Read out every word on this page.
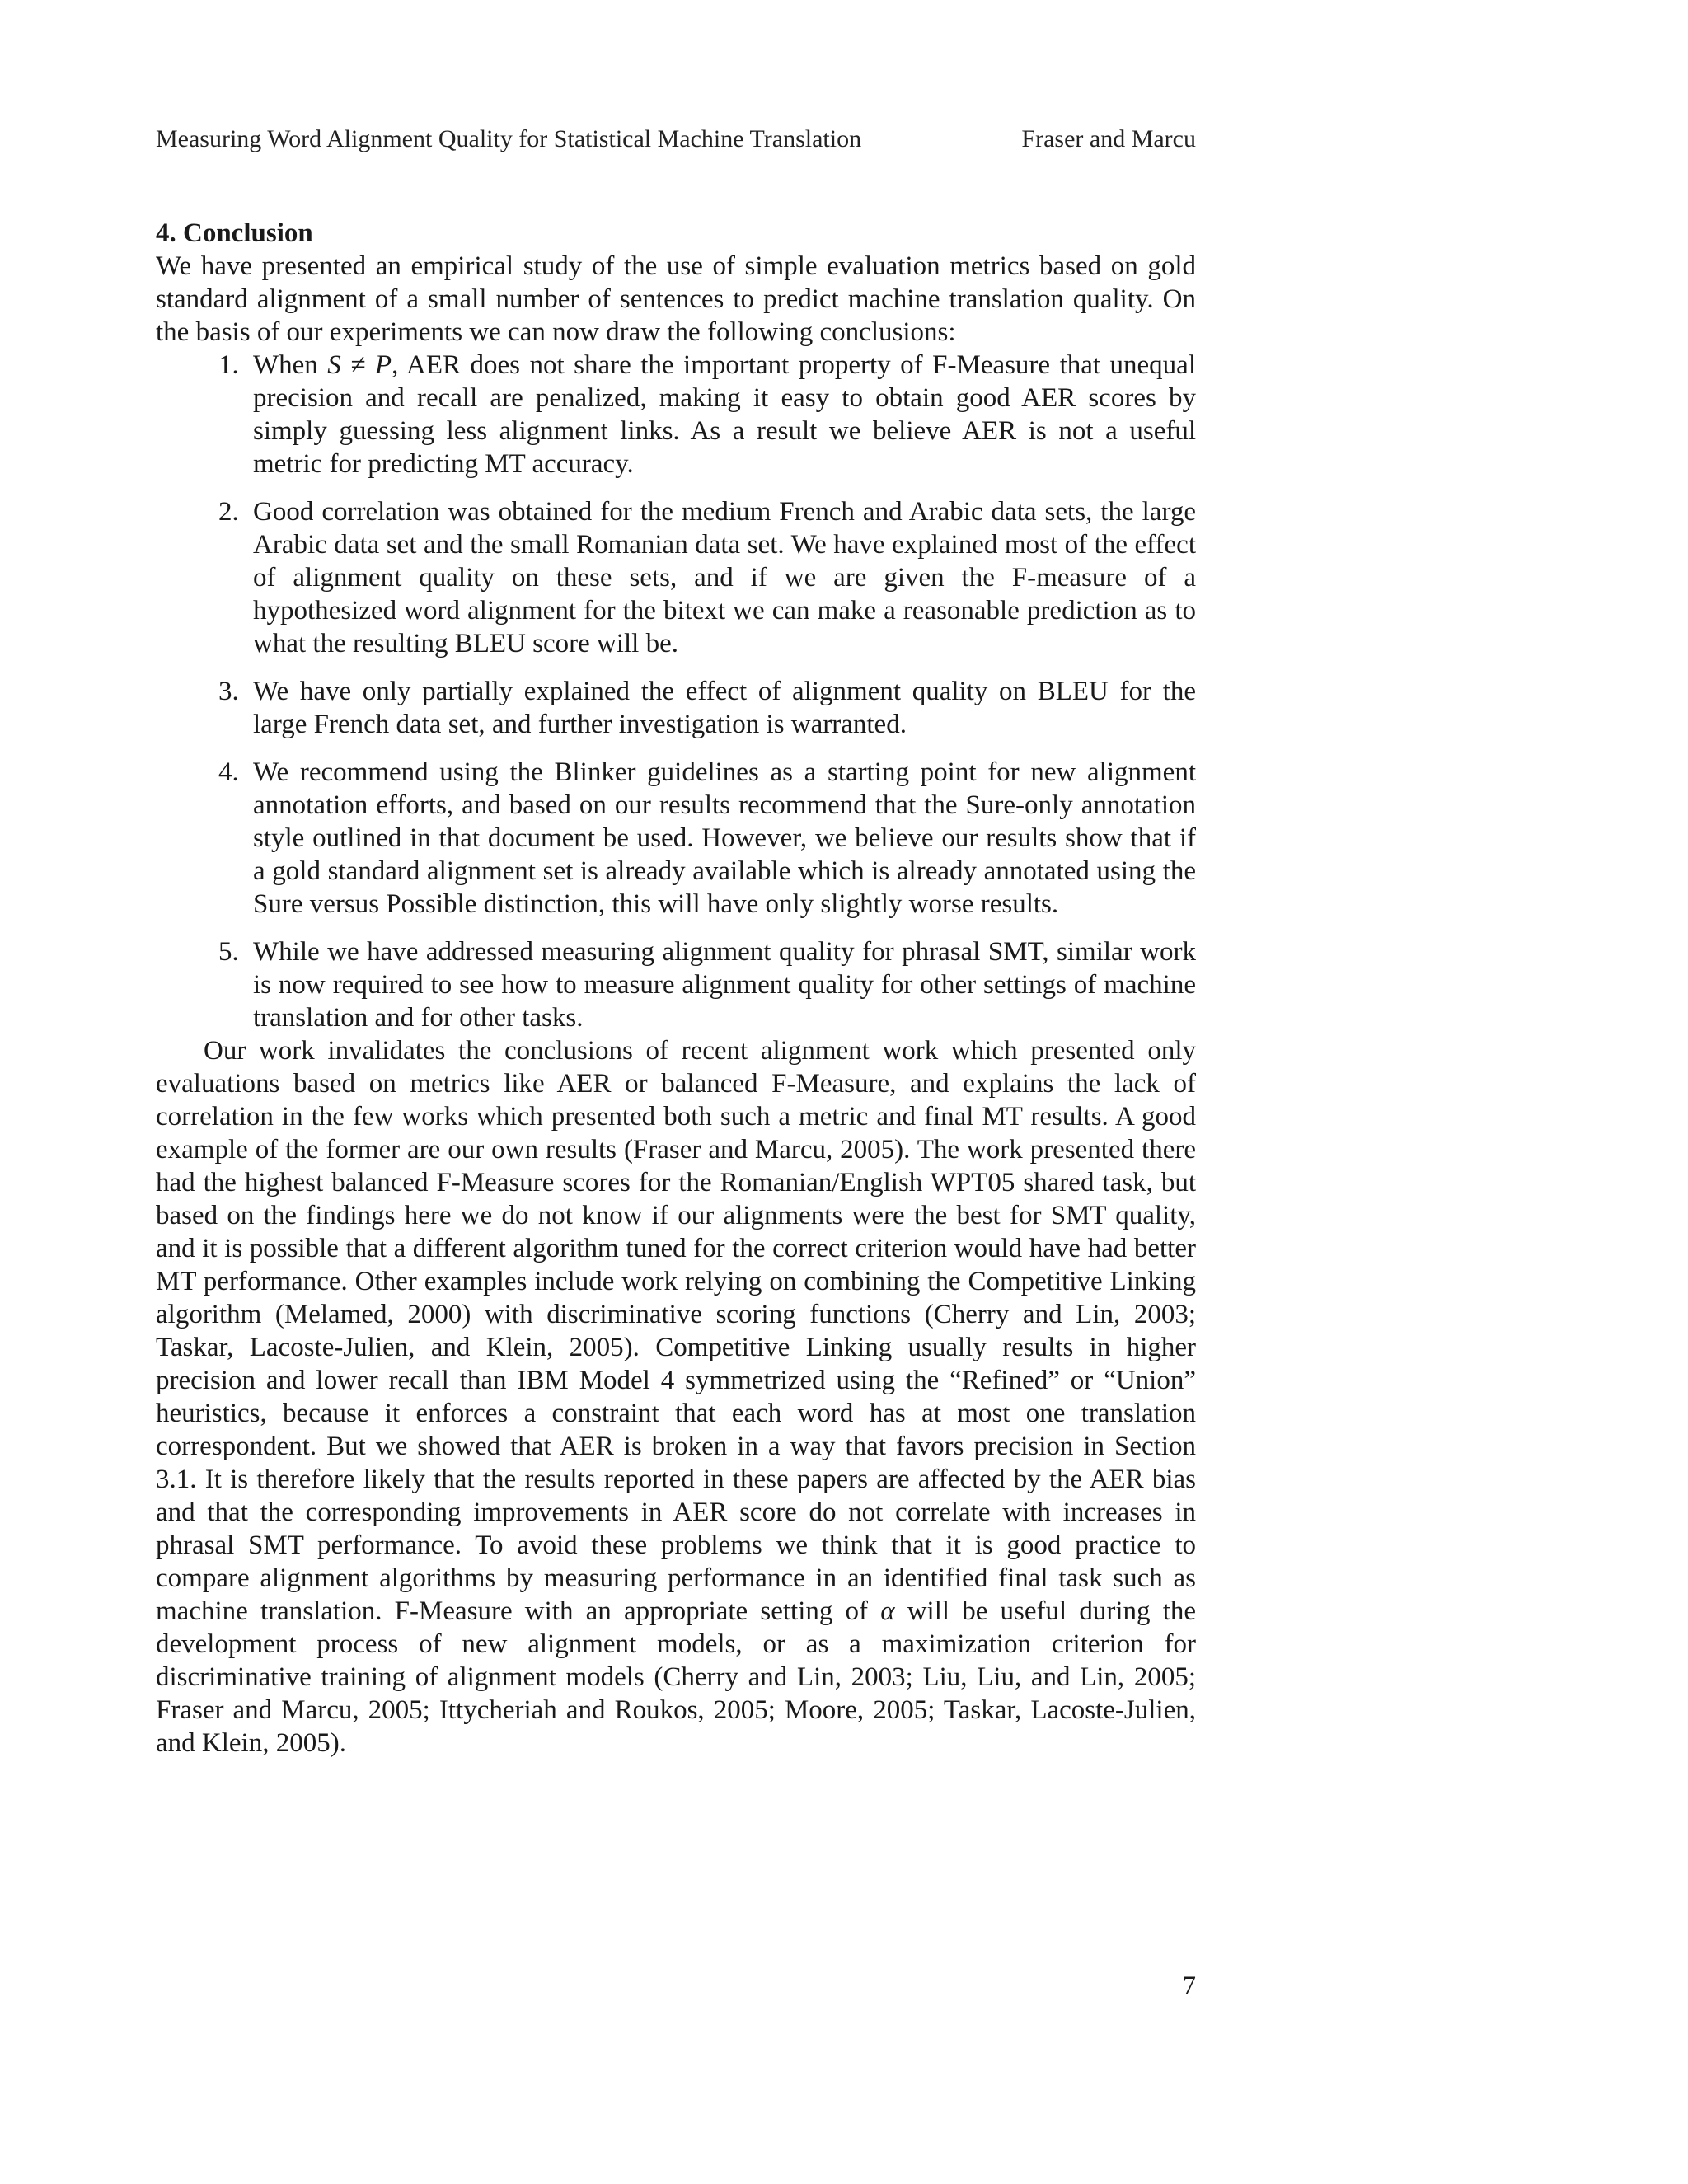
Measuring Word Alignment Quality for Statistical Machine Translation	Fraser and Marcu
4. Conclusion

We have presented an empirical study of the use of simple evaluation metrics based on gold standard alignment of a small number of sentences to predict machine translation quality. On the basis of our experiments we can now draw the following conclusions:

1. When S ≠ P, AER does not share the important property of F-Measure that unequal precision and recall are penalized, making it easy to obtain good AER scores by simply guessing less alignment links. As a result we believe AER is not a useful metric for predicting MT accuracy.

2. Good correlation was obtained for the medium French and Arabic data sets, the large Arabic data set and the small Romanian data set. We have explained most of the effect of alignment quality on these sets, and if we are given the F-measure of a hypothesized word alignment for the bitext we can make a reasonable prediction as to what the resulting BLEU score will be.

3. We have only partially explained the effect of alignment quality on BLEU for the large French data set, and further investigation is warranted.

4. We recommend using the Blinker guidelines as a starting point for new alignment annotation efforts, and based on our results recommend that the Sure-only annotation style outlined in that document be used. However, we believe our results show that if a gold standard alignment set is already available which is already annotated using the Sure versus Possible distinction, this will have only slightly worse results.

5. While we have addressed measuring alignment quality for phrasal SMT, similar work is now required to see how to measure alignment quality for other settings of machine translation and for other tasks.

Our work invalidates the conclusions of recent alignment work which presented only evaluations based on metrics like AER or balanced F-Measure, and explains the lack of correlation in the few works which presented both such a metric and final MT results. A good example of the former are our own results (Fraser and Marcu, 2005). The work presented there had the highest balanced F-Measure scores for the Romanian/English WPT05 shared task, but based on the findings here we do not know if our alignments were the best for SMT quality, and it is possible that a different algorithm tuned for the correct criterion would have had better MT performance. Other examples include work relying on combining the Competitive Linking algorithm (Melamed, 2000) with discriminative scoring functions (Cherry and Lin, 2003; Taskar, Lacoste-Julien, and Klein, 2005). Competitive Linking usually results in higher precision and lower recall than IBM Model 4 symmetrized using the “Refined” or “Union” heuristics, because it enforces a constraint that each word has at most one translation correspondent. But we showed that AER is broken in a way that favors precision in Section 3.1. It is therefore likely that the results reported in these papers are affected by the AER bias and that the corresponding improvements in AER score do not correlate with increases in phrasal SMT performance. To avoid these problems we think that it is good practice to compare alignment algorithms by measuring performance in an identified final task such as machine translation. F-Measure with an appropriate setting of α will be useful during the development process of new alignment models, or as a maximization criterion for discriminative training of alignment models (Cherry and Lin, 2003; Liu, Liu, and Lin, 2005; Fraser and Marcu, 2005; Ittycheriah and Roukos, 2005; Moore, 2005; Taskar, Lacoste-Julien, and Klein, 2005).

7
